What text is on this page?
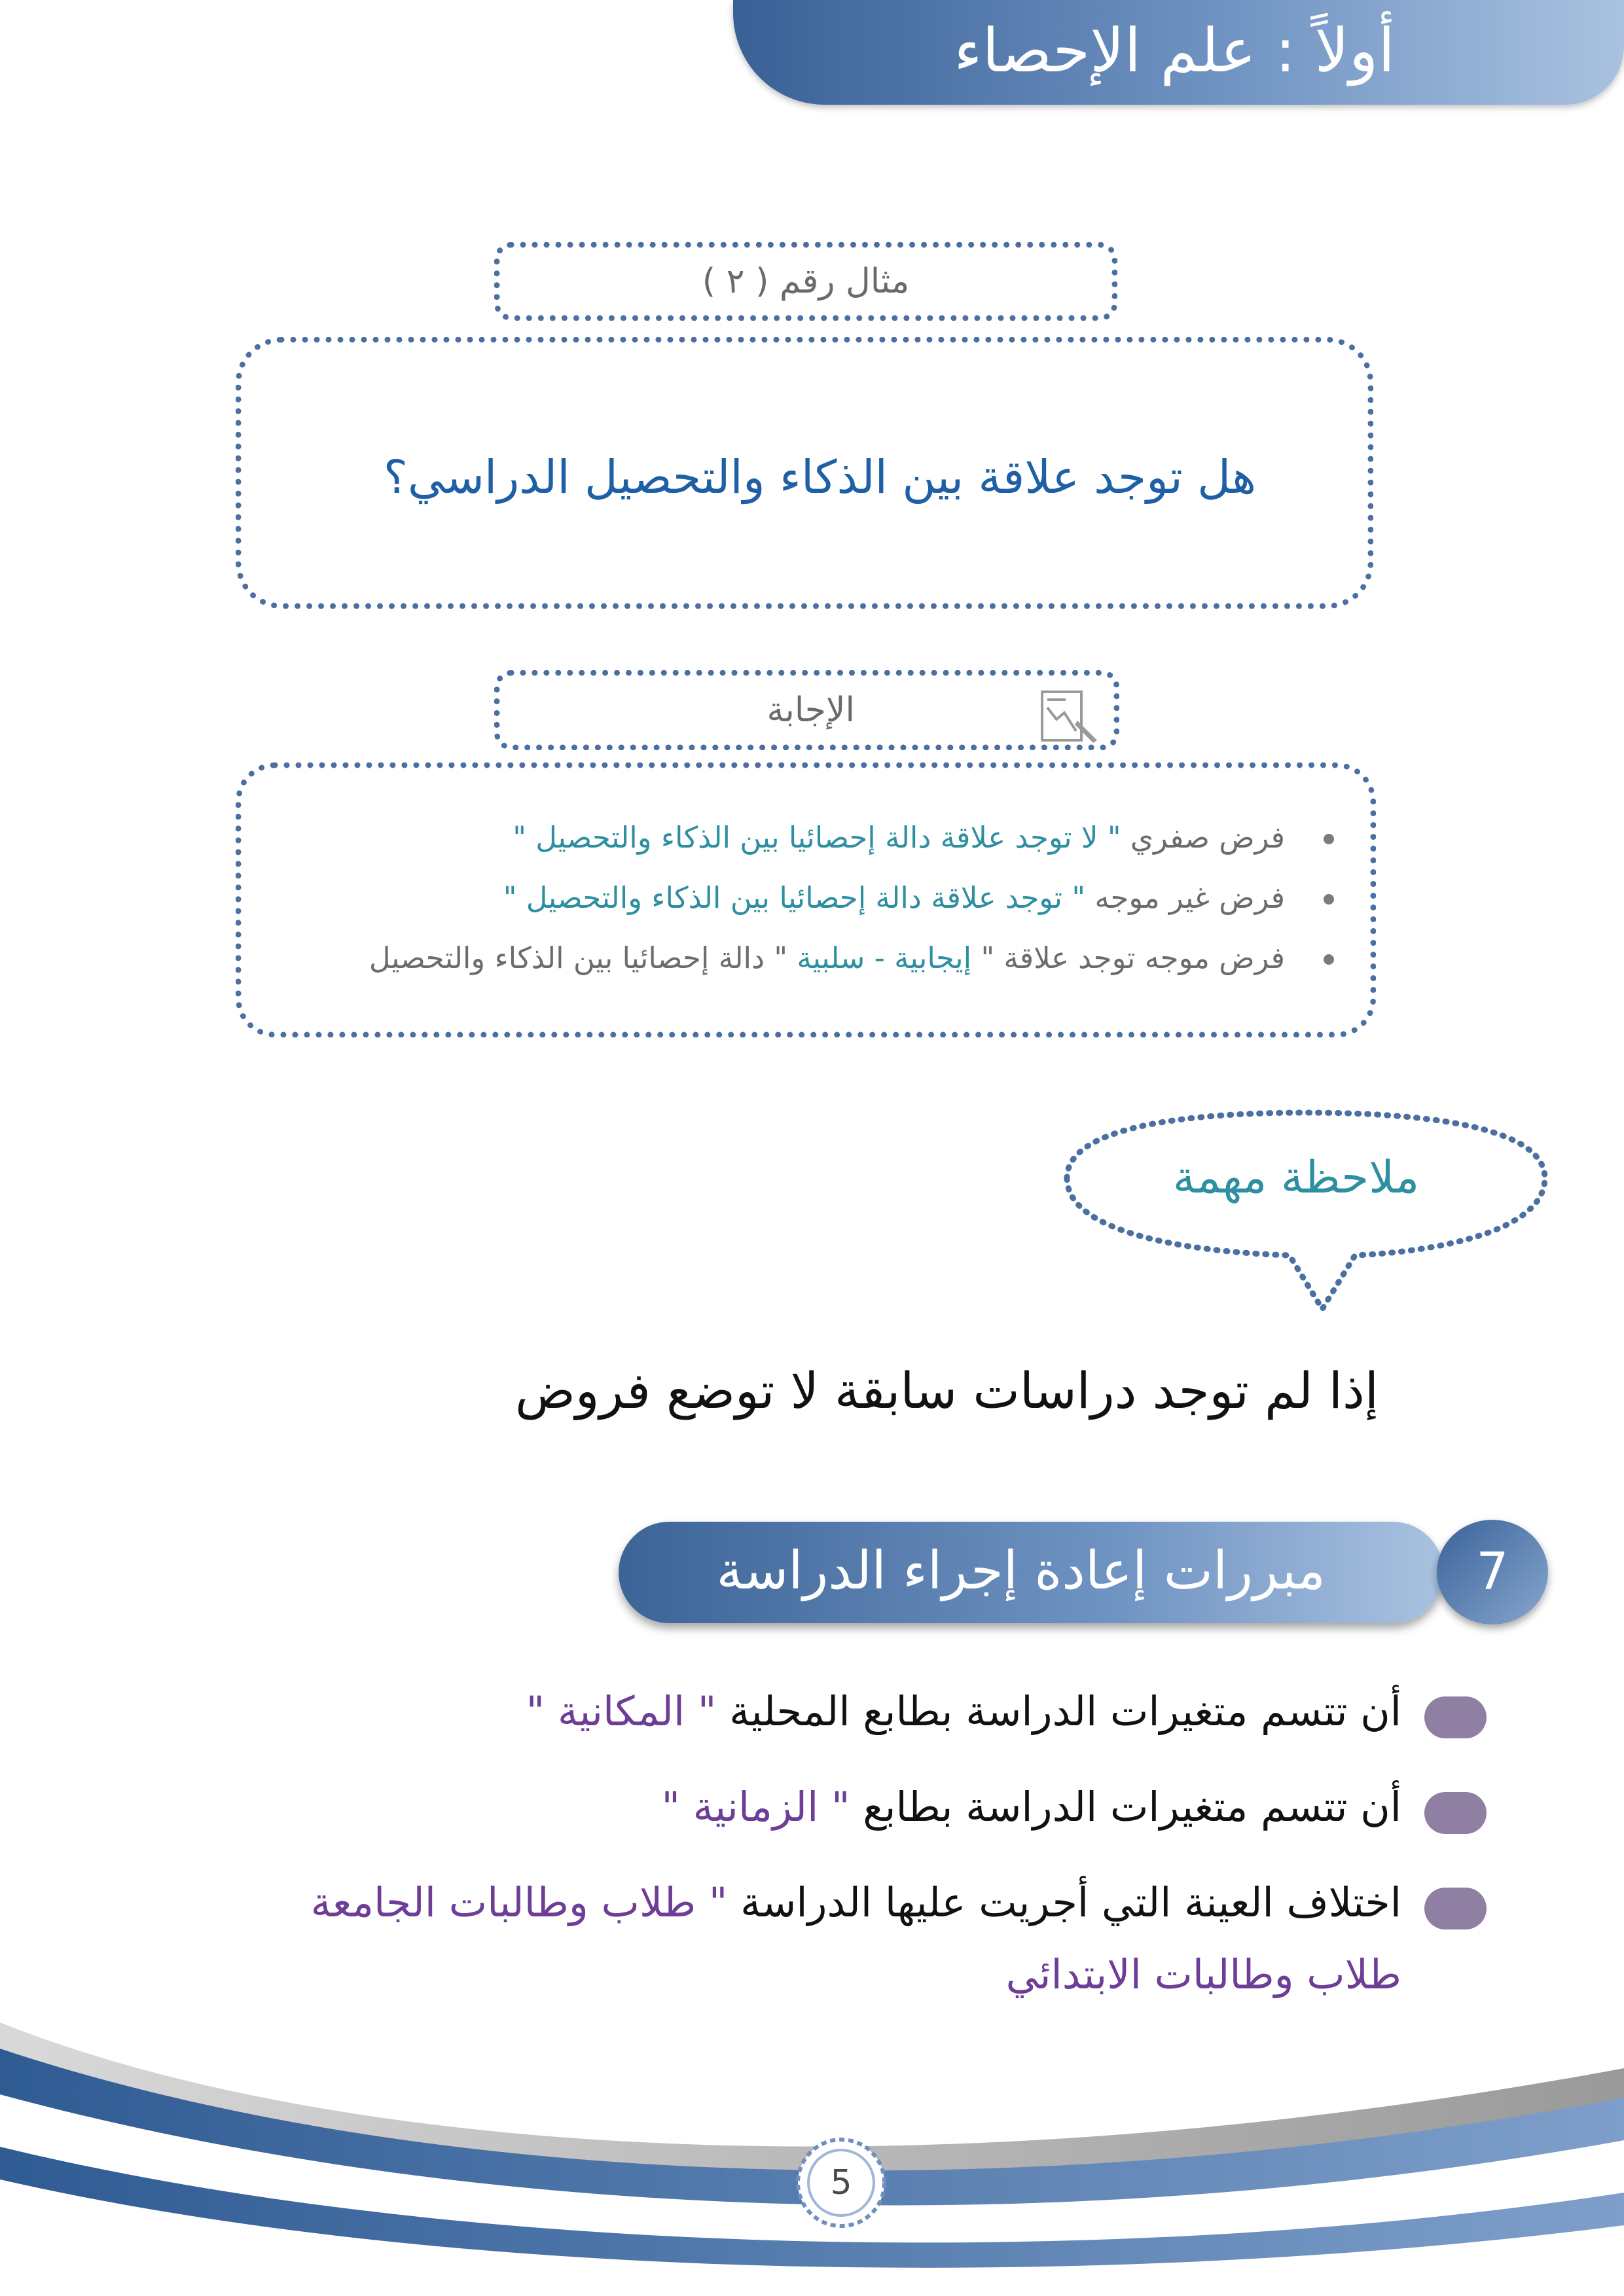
أولاً : علم الإحصاء
مثال رقم ( ٢ )
هل توجد علاقة بين الذكاء والتحصيل الدراسي؟
الإجابة
فرض صفري " لا توجد علاقة دالة إحصائيا بين الذكاء والتحصيل "
فرض غير موجه " توجد علاقة دالة إحصائيا بين الذكاء والتحصيل "
فرض موجه توجد علاقة " إيجابية - سلبية " دالة إحصائيا بين الذكاء والتحصيل
ملاحظة مهمة
إذا لم توجد دراسات سابقة لا توضع فروض
مبررات إعادة إجراء الدراسة	7
أن تتسم متغيرات الدراسة بطابع المحلية " المكانية "
أن تتسم متغيرات الدراسة بطابع " الزمانية "
اختلاف العينة التي أجريت عليها الدراسة " طلاب وطالبات الجامعة
طلاب وطالبات الابتدائي
5
